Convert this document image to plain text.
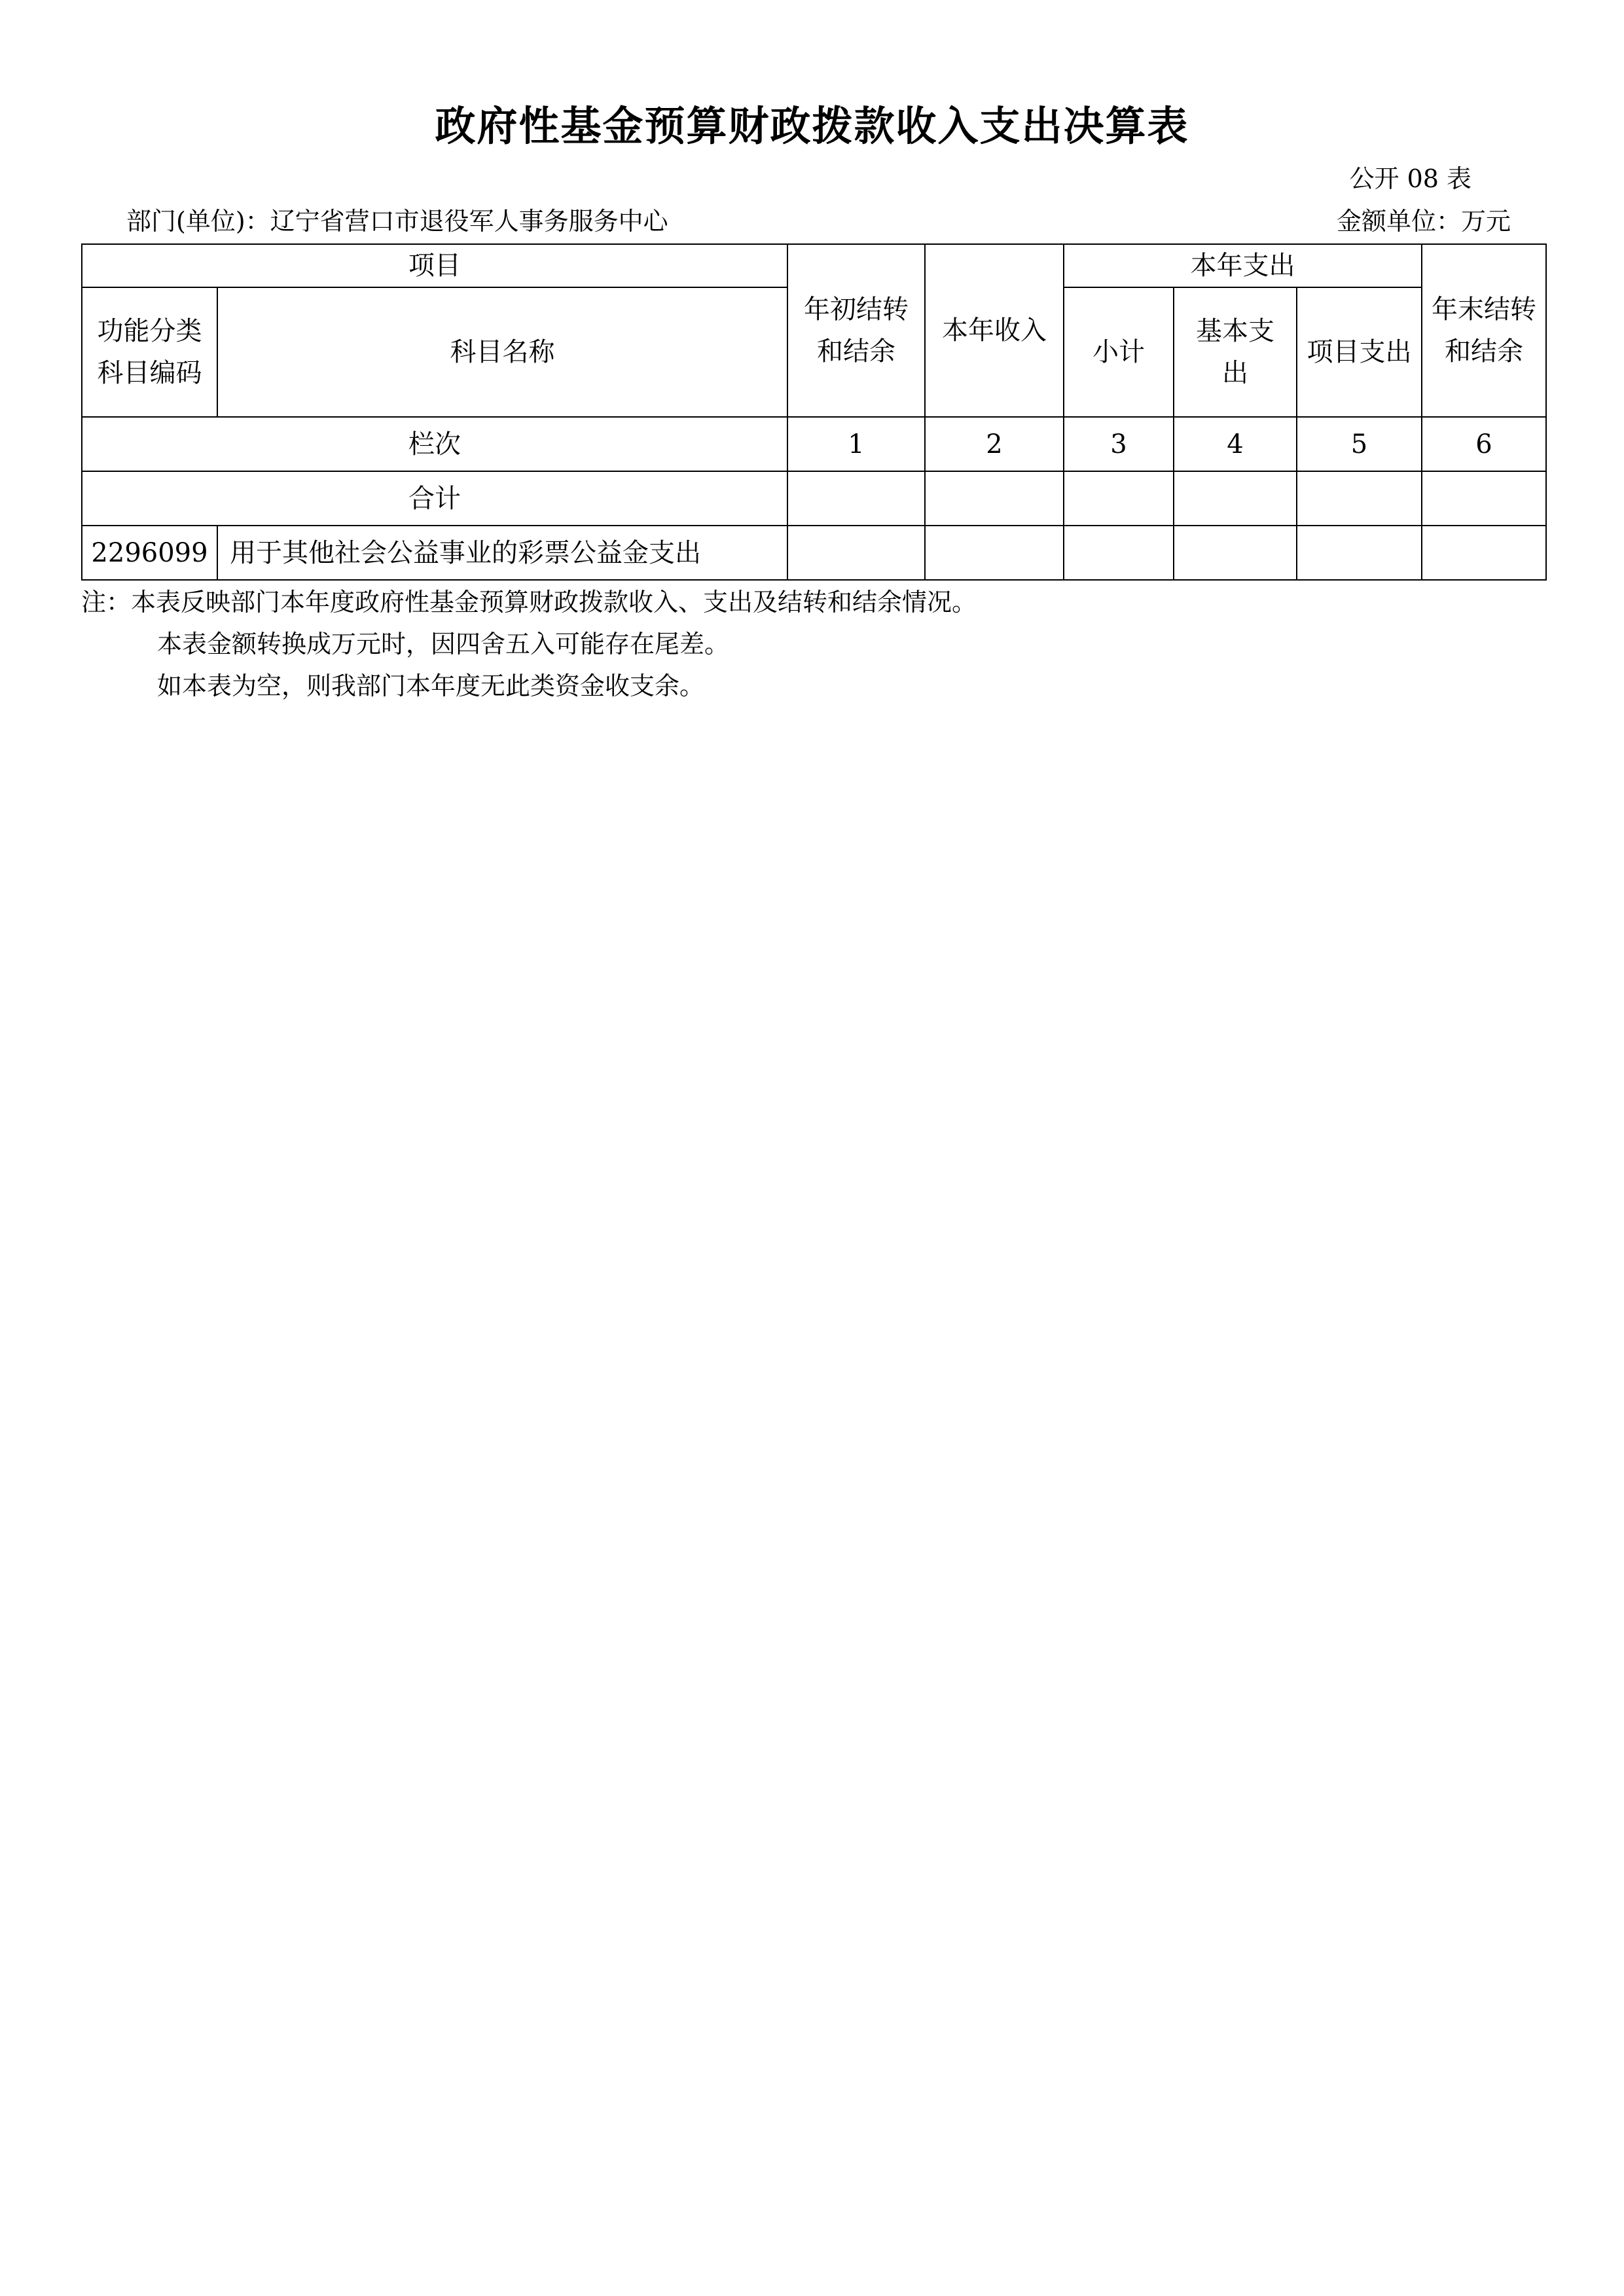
政府性基金预算财政拨款收入支出决算表
公开 08 表
部门(单位)：辽宁省营口市退役军人事务服务中心	金额单位：万元
项目		年初结转和结余	本年收入	本年支出			年末结转和结余
功能分类科目编码	科目名称			小计	基本支出	项目支出	
栏次		1	2	3	4	5	6
合计							
2296099	用于其他社会公益事业的彩票公益金支出						
注：本表反映部门本年度政府性基金预算财政拨款收入、支出及结转和结余情况。
本表金额转换成万元时，因四舍五入可能存在尾差。
如本表为空，则我部门本年度无此类资金收支余。
